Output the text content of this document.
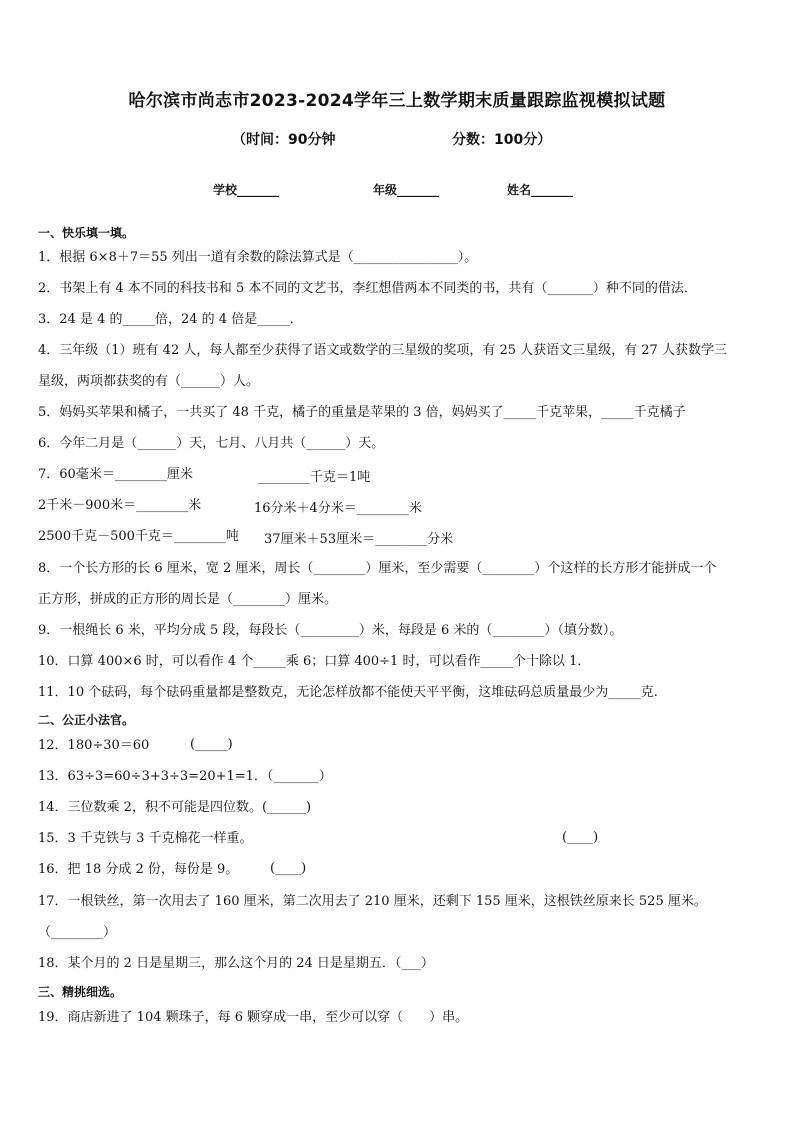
哈尔滨市尚志市2023-2024学年三上数学期末质量跟踪监视模拟试题
（时间：90分钟	分数：100分）
学校_______	年级_______	姓名_______
一、快乐填一填。
1．根据 6×8＋7＝55 列出一道有余数的除法算式是（________________）。
2．书架上有 4 本不同的科技书和 5 本不同的文艺书，李红想借两本不同类的书，共有（_______）种不同的借法．
3．24 是 4 的_____倍，24 的 4 倍是_____．
4．三年级（1）班有 42 人，每人都至少获得了语文或数学的三星级的奖项，有 25 人获语文三星级，有 27 人获数学三
星级，两项都获奖的有（______）人。
5．妈妈买苹果和橘子，一共买了 48 千克，橘子的重量是苹果的 3 倍，妈妈买了_____千克苹果，_____千克橘子
6．今年二月是（______）天，七月、八月共（______）天。
7．60毫米＝________厘米	________千克＝1吨
2千米－900米＝________米	16分米＋4分米＝________米
2500千克－500千克＝________吨	37厘米＋53厘米＝________分米
8．一个长方形的长 6 厘米，宽 2 厘米，周长（________）厘米，至少需要（________）个这样的长方形才能拼成一个
正方形，拼成的正方形的周长是（________）厘米。
9．一根绳长 6 米，平均分成 5 段，每段长（_________）米，每段是 6 米的（________）（填分数）。
10．口算 400×6 时，可以看作 4 个_____乘 6；口算 400÷1 时，可以看作_____个十除以 1．
11．10 个砝码，每个砝码重量都是整数克，无论怎样放都不能使天平平衡，这堆砝码总质量最少为_____克.
二、公正小法官。
12．180÷30＝60	(_____)
13．63÷3=60÷3+3÷3=20+1=1．（_______）
14．三位数乘 2，积不可能是四位数。(______)
15．3 千克铁与 3 千克棉花一样重。	(____)
16．把 18 分成 2 份，每份是 9。	(____)
17．一根铁丝，第一次用去了 160 厘米，第二次用去了 210 厘米，还剩下 155 厘米，这根铁丝原来长 525 厘米。
（________）
18．某个月的 2 日是星期三，那么这个月的 24 日是星期五．（___）
三、精挑细选。
19．商店新进了 104 颗珠子，每 6 颗穿成一串，至少可以穿（　　）串。
